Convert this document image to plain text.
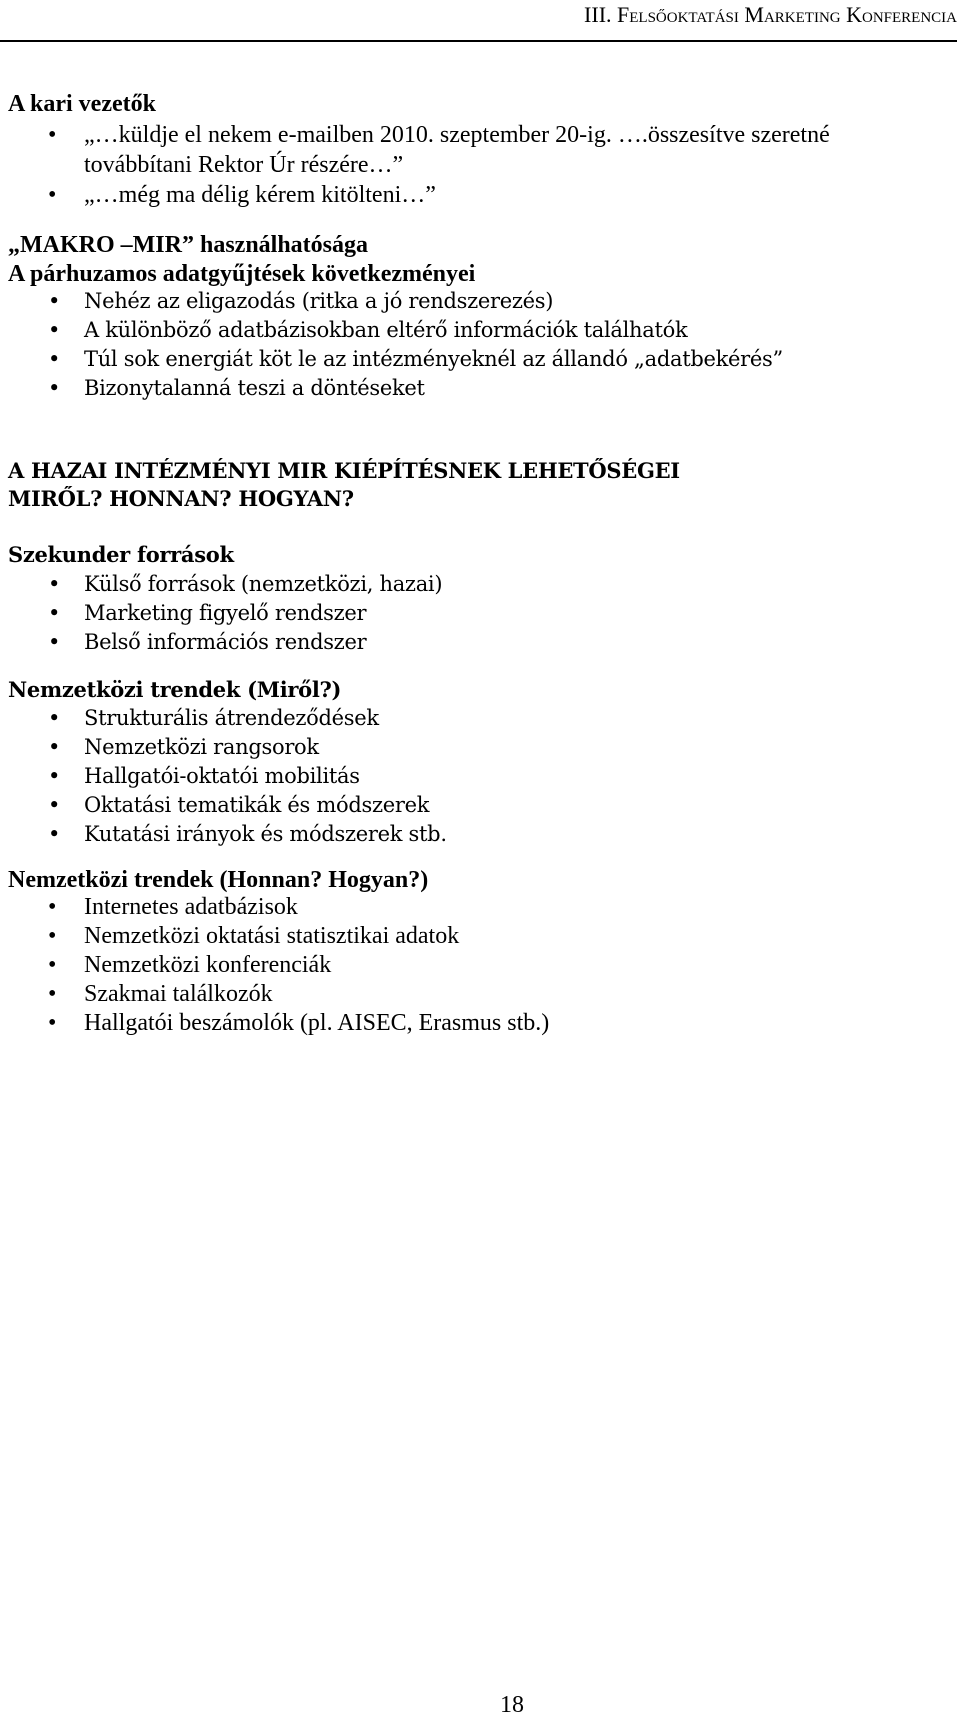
III. Felsőoktatási Marketing Konferencia
A kari vezetők
• „…küldje el nekem e-mailben 2010. szeptember 20-ig. ….összesítve szeretné
továbbítani Rektor Úr részére…”
• „…még ma délig kérem kitölteni…”
„MAKRO –MIR” használhatósága
A párhuzamos adatgyűjtések következményei
• Nehéz az eligazodás (ritka a jó rendszerezés)
• A különböző adatbázisokban eltérő információk találhatók
• Túl sok energiát köt le az intézményeknél az állandó „adatbekérés”
• Bizonytalanná teszi a döntéseket
A HAZAI INTÉZMÉNYI MIR KIÉPÍTÉSNEK LEHETŐSÉGEI
MIRŐL? HONNAN? HOGYAN?
Szekunder források
• Külső források (nemzetközi, hazai)
• Marketing figyelő rendszer
• Belső információs rendszer
Nemzetközi trendek (Miről?)
• Strukturális átrendeződések
• Nemzetközi rangsorok
• Hallgatói-oktatói mobilitás
• Oktatási tematikák és módszerek
• Kutatási irányok és módszerek stb.
Nemzetközi trendek (Honnan? Hogyan?)
• Internetes adatbázisok
• Nemzetközi oktatási statisztikai adatok
• Nemzetközi konferenciák
• Szakmai találkozók
• Hallgatói beszámolók (pl. AISEC, Erasmus stb.)
18
